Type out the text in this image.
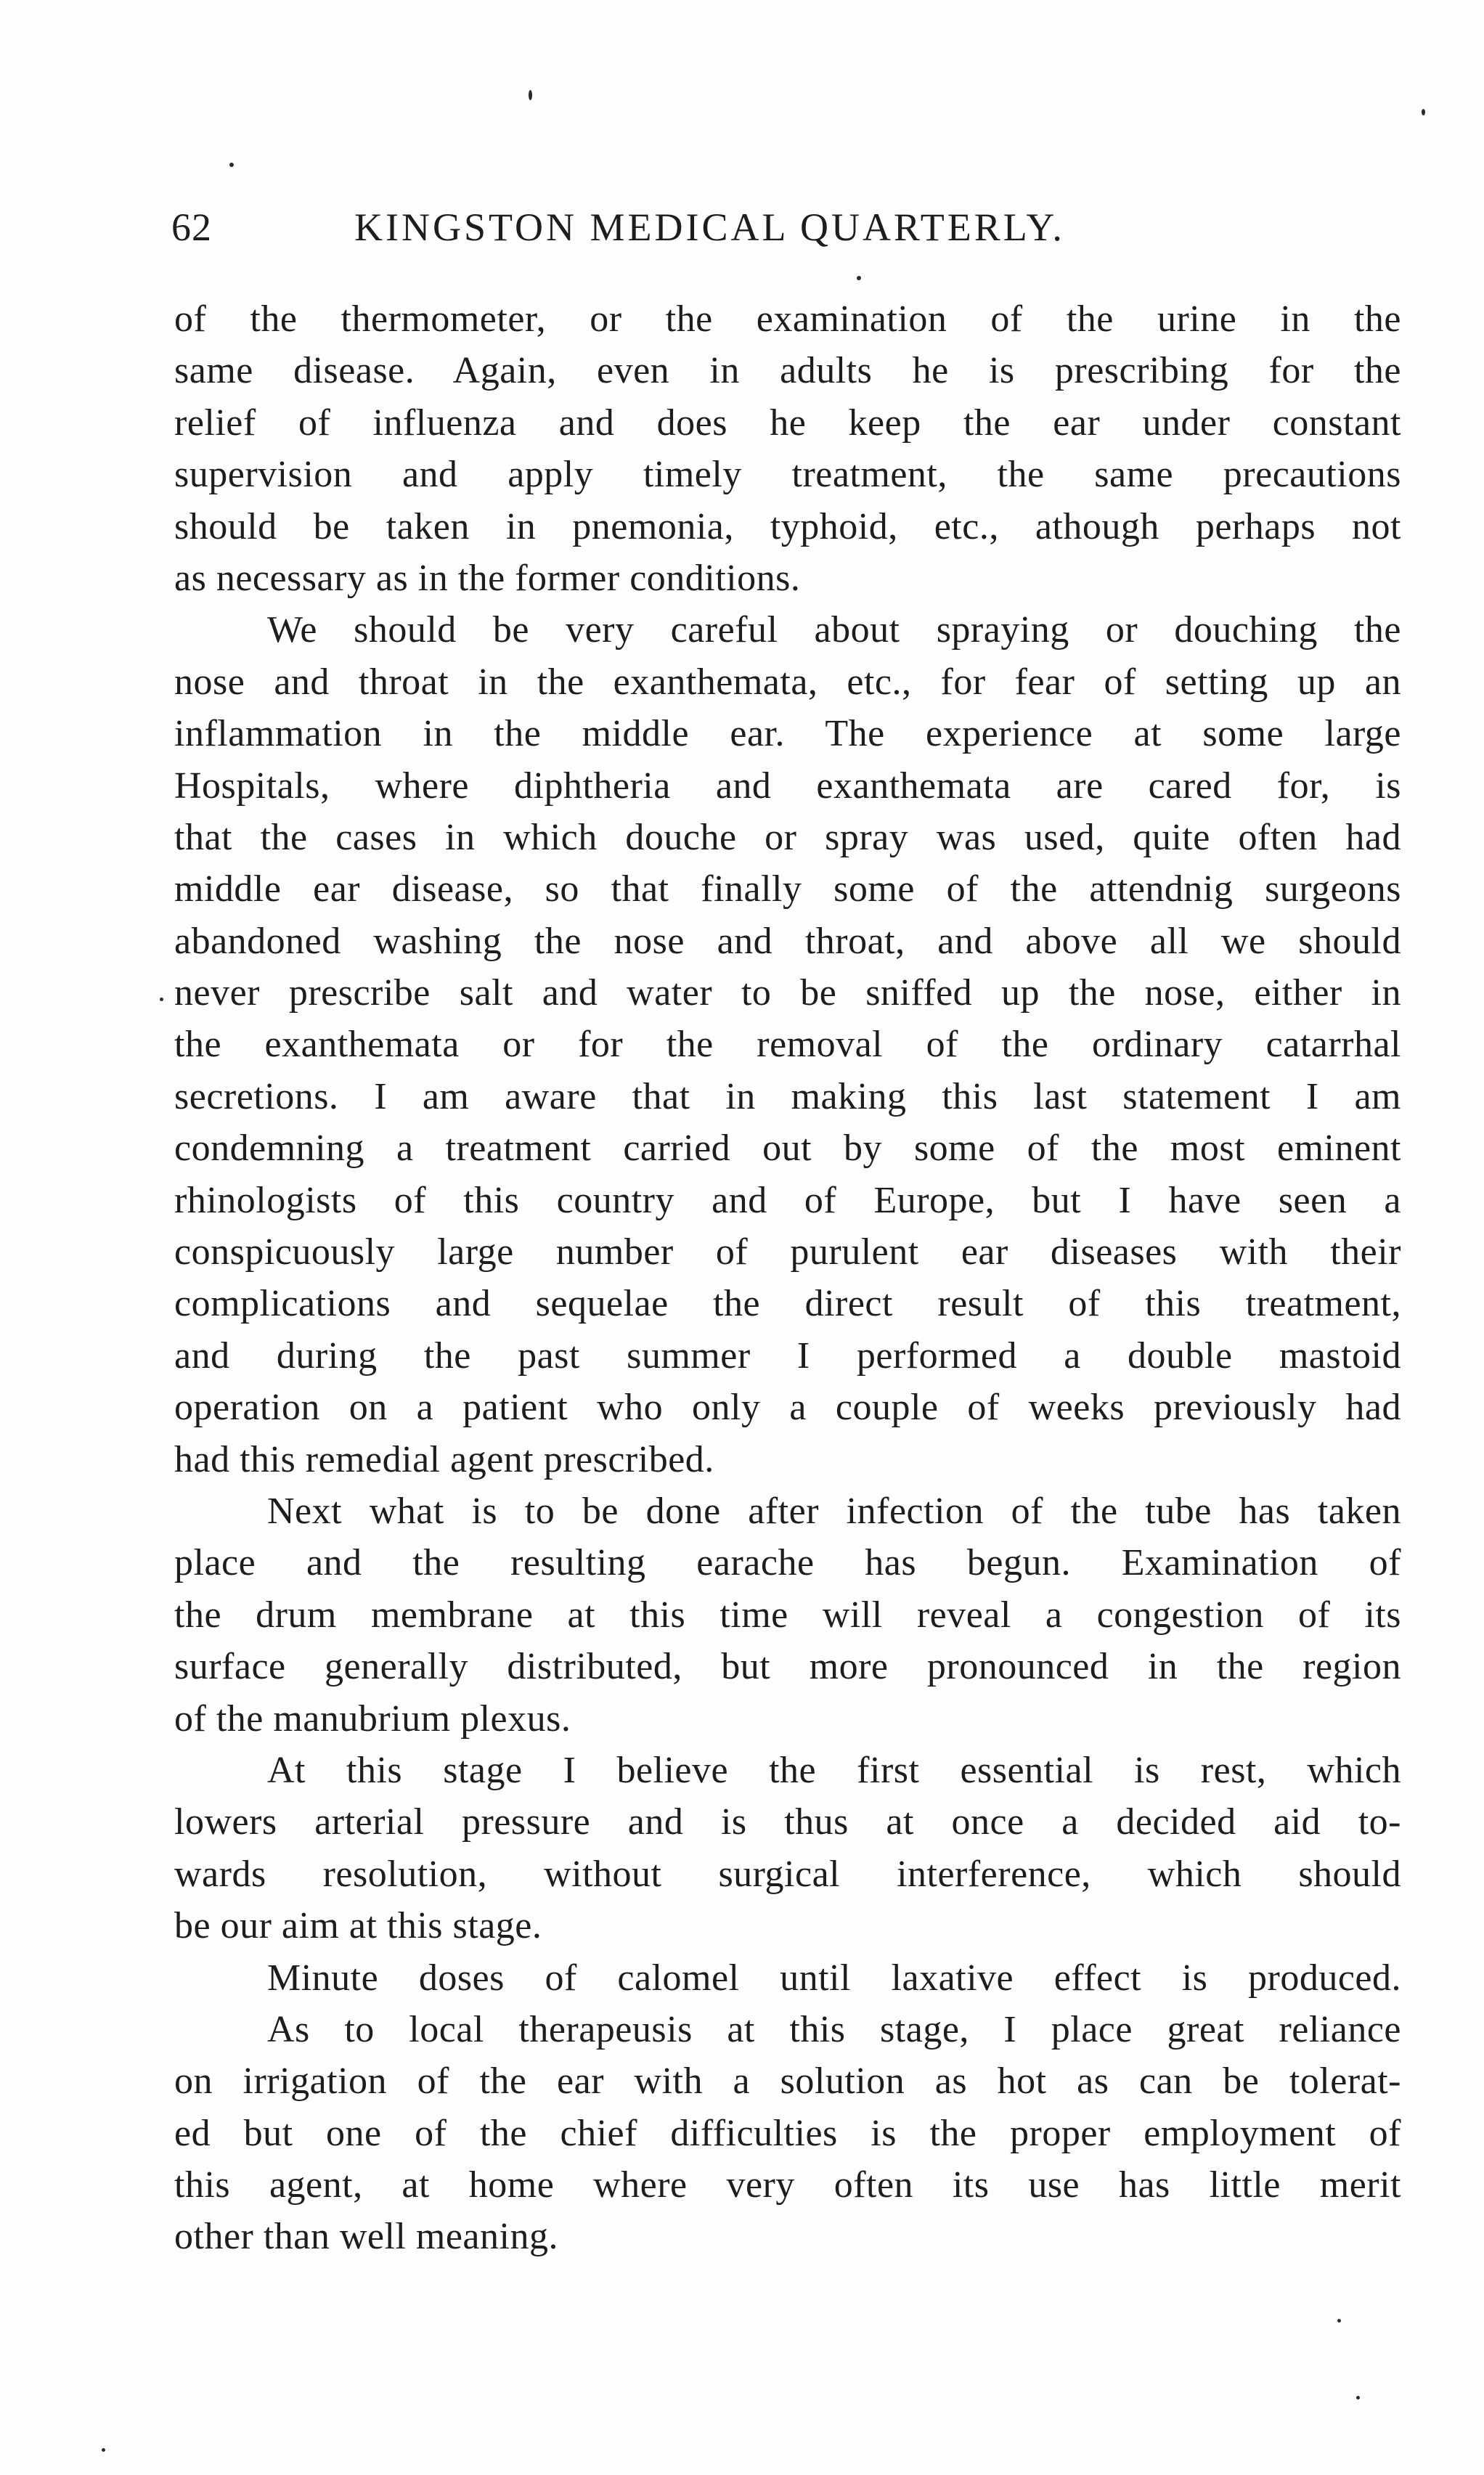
62	KINGSTON MEDICAL QUARTERLY.
of the thermometer, or the examination of the urine in the
same disease. Again, even in adults he is prescribing for the
relief of influenza and does he keep the ear under constant
supervision and apply timely treatment, the same precautions
should be taken in pnemonia, typhoid, etc., athough perhaps not
as necessary as in the former conditions.
We should be very careful about spraying or douching the
nose and throat in the exanthemata, etc., for fear of setting up an
inflammation in the middle ear. The experience at some large
Hospitals, where diphtheria and exanthemata are cared for, is
that the cases in which douche or spray was used, quite often had
middle ear disease, so that finally some of the attendnig surgeons
abandoned washing the nose and throat, and above all we should
never prescribe salt and water to be sniffed up the nose, either in
the exanthemata or for the removal of the ordinary catarrhal
secretions. I am aware that in making this last statement I am
condemning a treatment carried out by some of the most eminent
rhinologists of this country and of Europe, but I have seen a
conspicuously large number of purulent ear diseases with their
complications and sequelae the direct result of this treatment,
and during the past summer I performed a double mastoid
operation on a patient who only a couple of weeks previously had
had this remedial agent prescribed.
Next what is to be done after infection of the tube has taken
place and the resulting earache has begun. Examination of
the drum membrane at this time will reveal a congestion of its
surface generally distributed, but more pronounced in the region
of the manubrium plexus.
At this stage I believe the first essential is rest, which
lowers arterial pressure and is thus at once a decided aid to-
wards resolution, without surgical interference, which should
be our aim at this stage.
Minute doses of calomel until laxative effect is produced.
As to local therapeusis at this stage, I place great reliance
on irrigation of the ear with a solution as hot as can be tolerat-
ed but one of the chief difficulties is the proper employment of
this agent, at home where very often its use has little merit
other than well meaning.
